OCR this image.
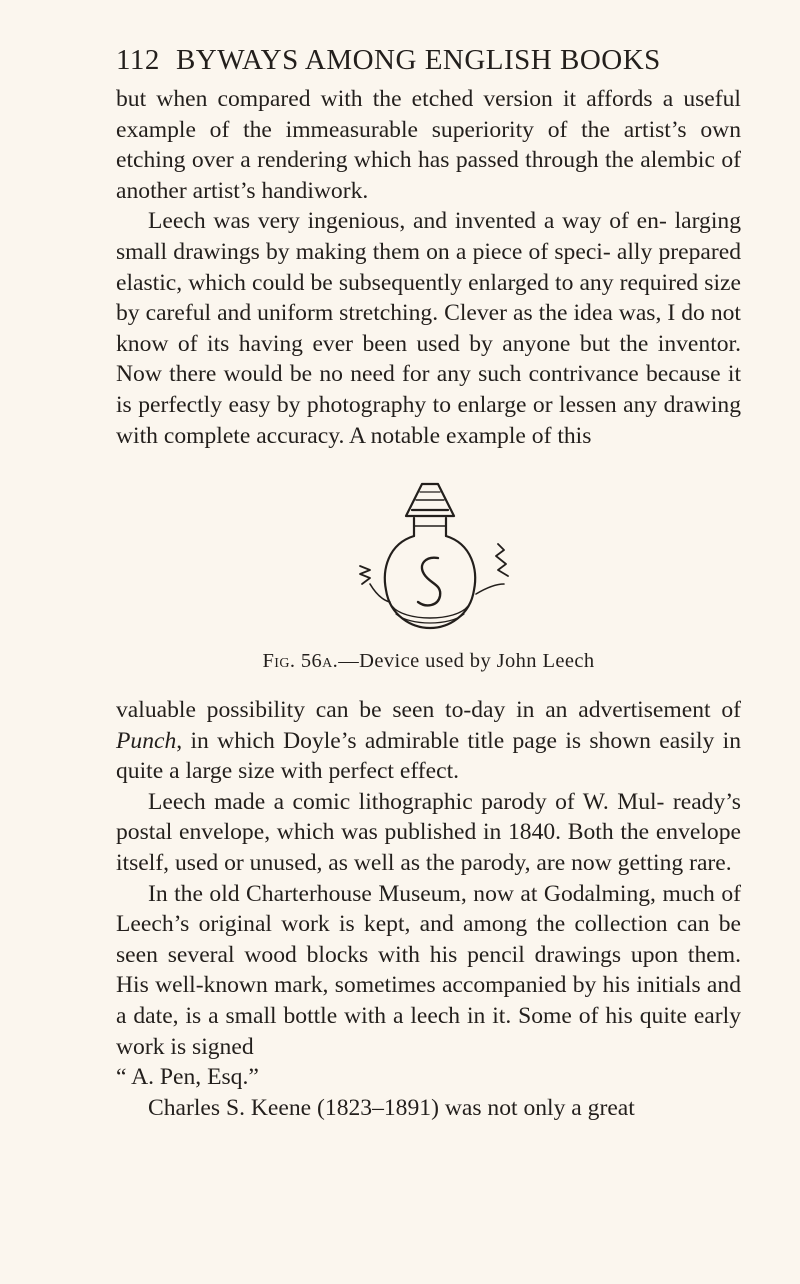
112 BYWAYS AMONG ENGLISH BOOKS

but when compared with the etched version it affords a useful example of the immeasurable superiority of the artist’s own etching over a rendering which has passed through the alembic of another artist’s handiwork.

Leech was very ingenious, and invented a way of en- larging small drawings by making them on a piece of speci- ally prepared elastic, which could be subsequently enlarged to any required size by careful and uniform stretching. Clever as the idea was, I do not know of its having ever been used by anyone but the inventor. Now there would be no need for any such contrivance because it is perfectly easy by photography to enlarge or lessen any drawing with complete accuracy. A notable example of this

Fig. 56a.—Device used by John Leech

valuable possibility can be seen to-day in an advertisement of Punch, in which Doyle’s admirable title page is shown easily in quite a large size with perfect effect.

Leech made a comic lithographic parody of W. Mul- ready’s postal envelope, which was published in 1840. Both the envelope itself, used or unused, as well as the parody, are now getting rare.

In the old Charterhouse Museum, now at Godalming, much of Leech’s original work is kept, and among the collection can be seen several wood blocks with his pencil drawings upon them. His well-known mark, sometimes accompanied by his initials and a date, is a small bottle with a leech in it. Some of his quite early work is signed

“ A. Pen, Esq.”

Charles S. Keene (1823–1891) was not only a great
